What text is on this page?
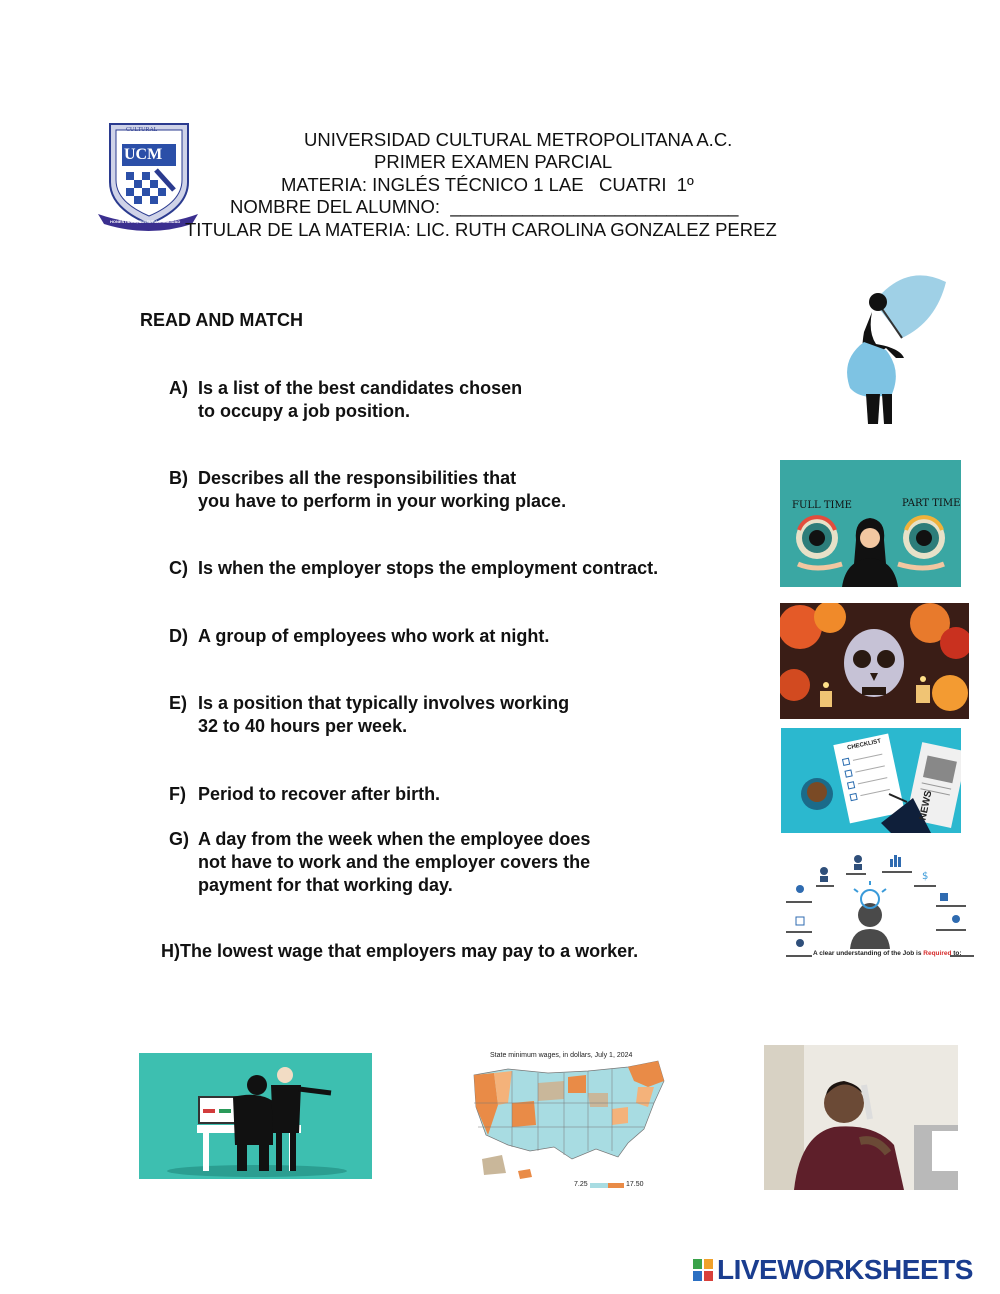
CULTURAL
UCM
HONESTIDAD, CULTURA Y CALIDAD
UNIVERSIDAD CULTURAL METROPOLITANA A.C.
PRIMER EXAMEN PARCIAL
MATERIA: INGLÉS TÉCNICO 1 LAE   CUATRI  1º
NOMBRE DEL ALUMNO:  ____________________________
TITULAR DE LA MATERIA: LIC. RUTH CAROLINA GONZALEZ PEREZ
READ AND MATCH
A) Is a list of the best candidates chosen
to occupy a job position.
B) Describes all the responsibilities that
you have to perform in your working place.
C) Is when the employer stops the employment contract.
D) A group of employees who work at night.
E) Is a position that typically involves working
32 to 40 hours per week.
F) Period to recover after birth.
G) A day from the week when the employee does
not have to work and the employer covers the
payment for that working day.
H)The lowest wage that employers may pay to a worker.
FULL TIME	PART TIME
CHECKLIST
NEWS
$
A clear understanding of the Job is Required to:
State minimum wages, in dollars, July 1, 2024
7.25	17.50
LIVEWORKSHEETS
